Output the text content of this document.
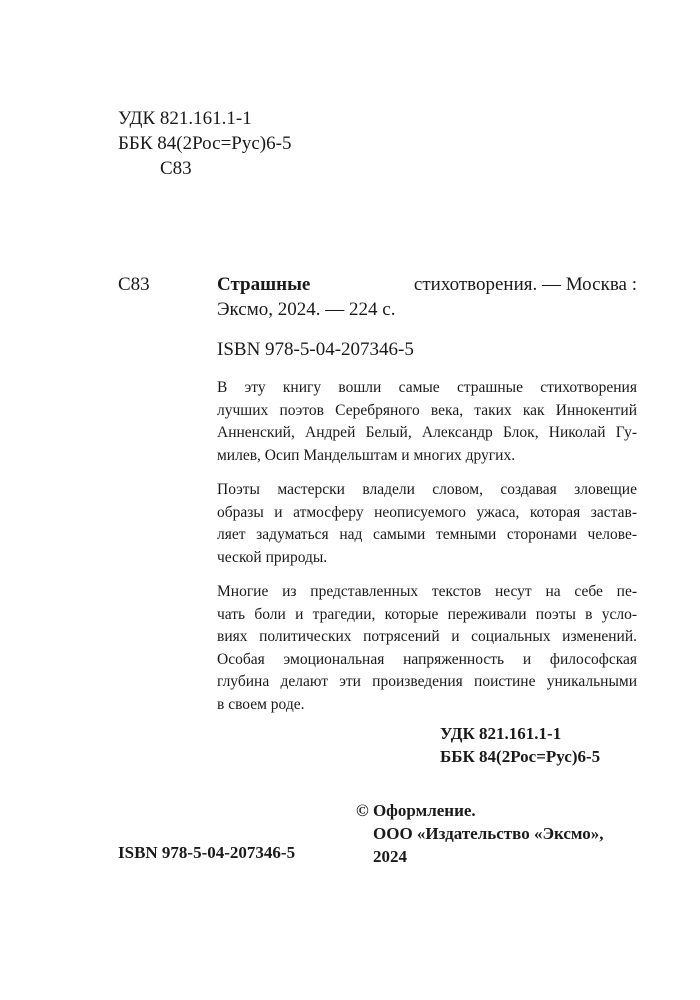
УДК 821.161.1-1
ББК 84(2Рос=Рус)6-5
С83
С83	Страшные	стихотворения. — Москва :
Эксмо, 2024. — 224 с.
ISBN 978-5-04-207346-5
В эту книгу вошли самые страшные стихотворения
лучших поэтов Серебряного века, таких как Иннокентий
Анненский, Андрей Белый, Александр Блок, Николай Гу-
милев, Осип Мандельштам и многих других.
Поэты мастерски владели словом, создавая зловещие
образы и атмосферу неописуемого ужаса, которая застав-
ляет задуматься над самыми темными сторонами челове-
ческой природы.
Многие из представленных текстов несут на себе пе-
чать боли и трагедии, которые переживали поэты в усло-
виях политических потрясений и социальных изменений.
Особая эмоциональная напряженность и философская
глубина делают эти произведения поистине уникальными
в своем роде.
УДК 821.161.1-1
ББК 84(2Рос=Рус)6-5
© Оформление.
ООО «Издательство «Эксмо»,
2024
ISBN 978-5-04-207346-5
